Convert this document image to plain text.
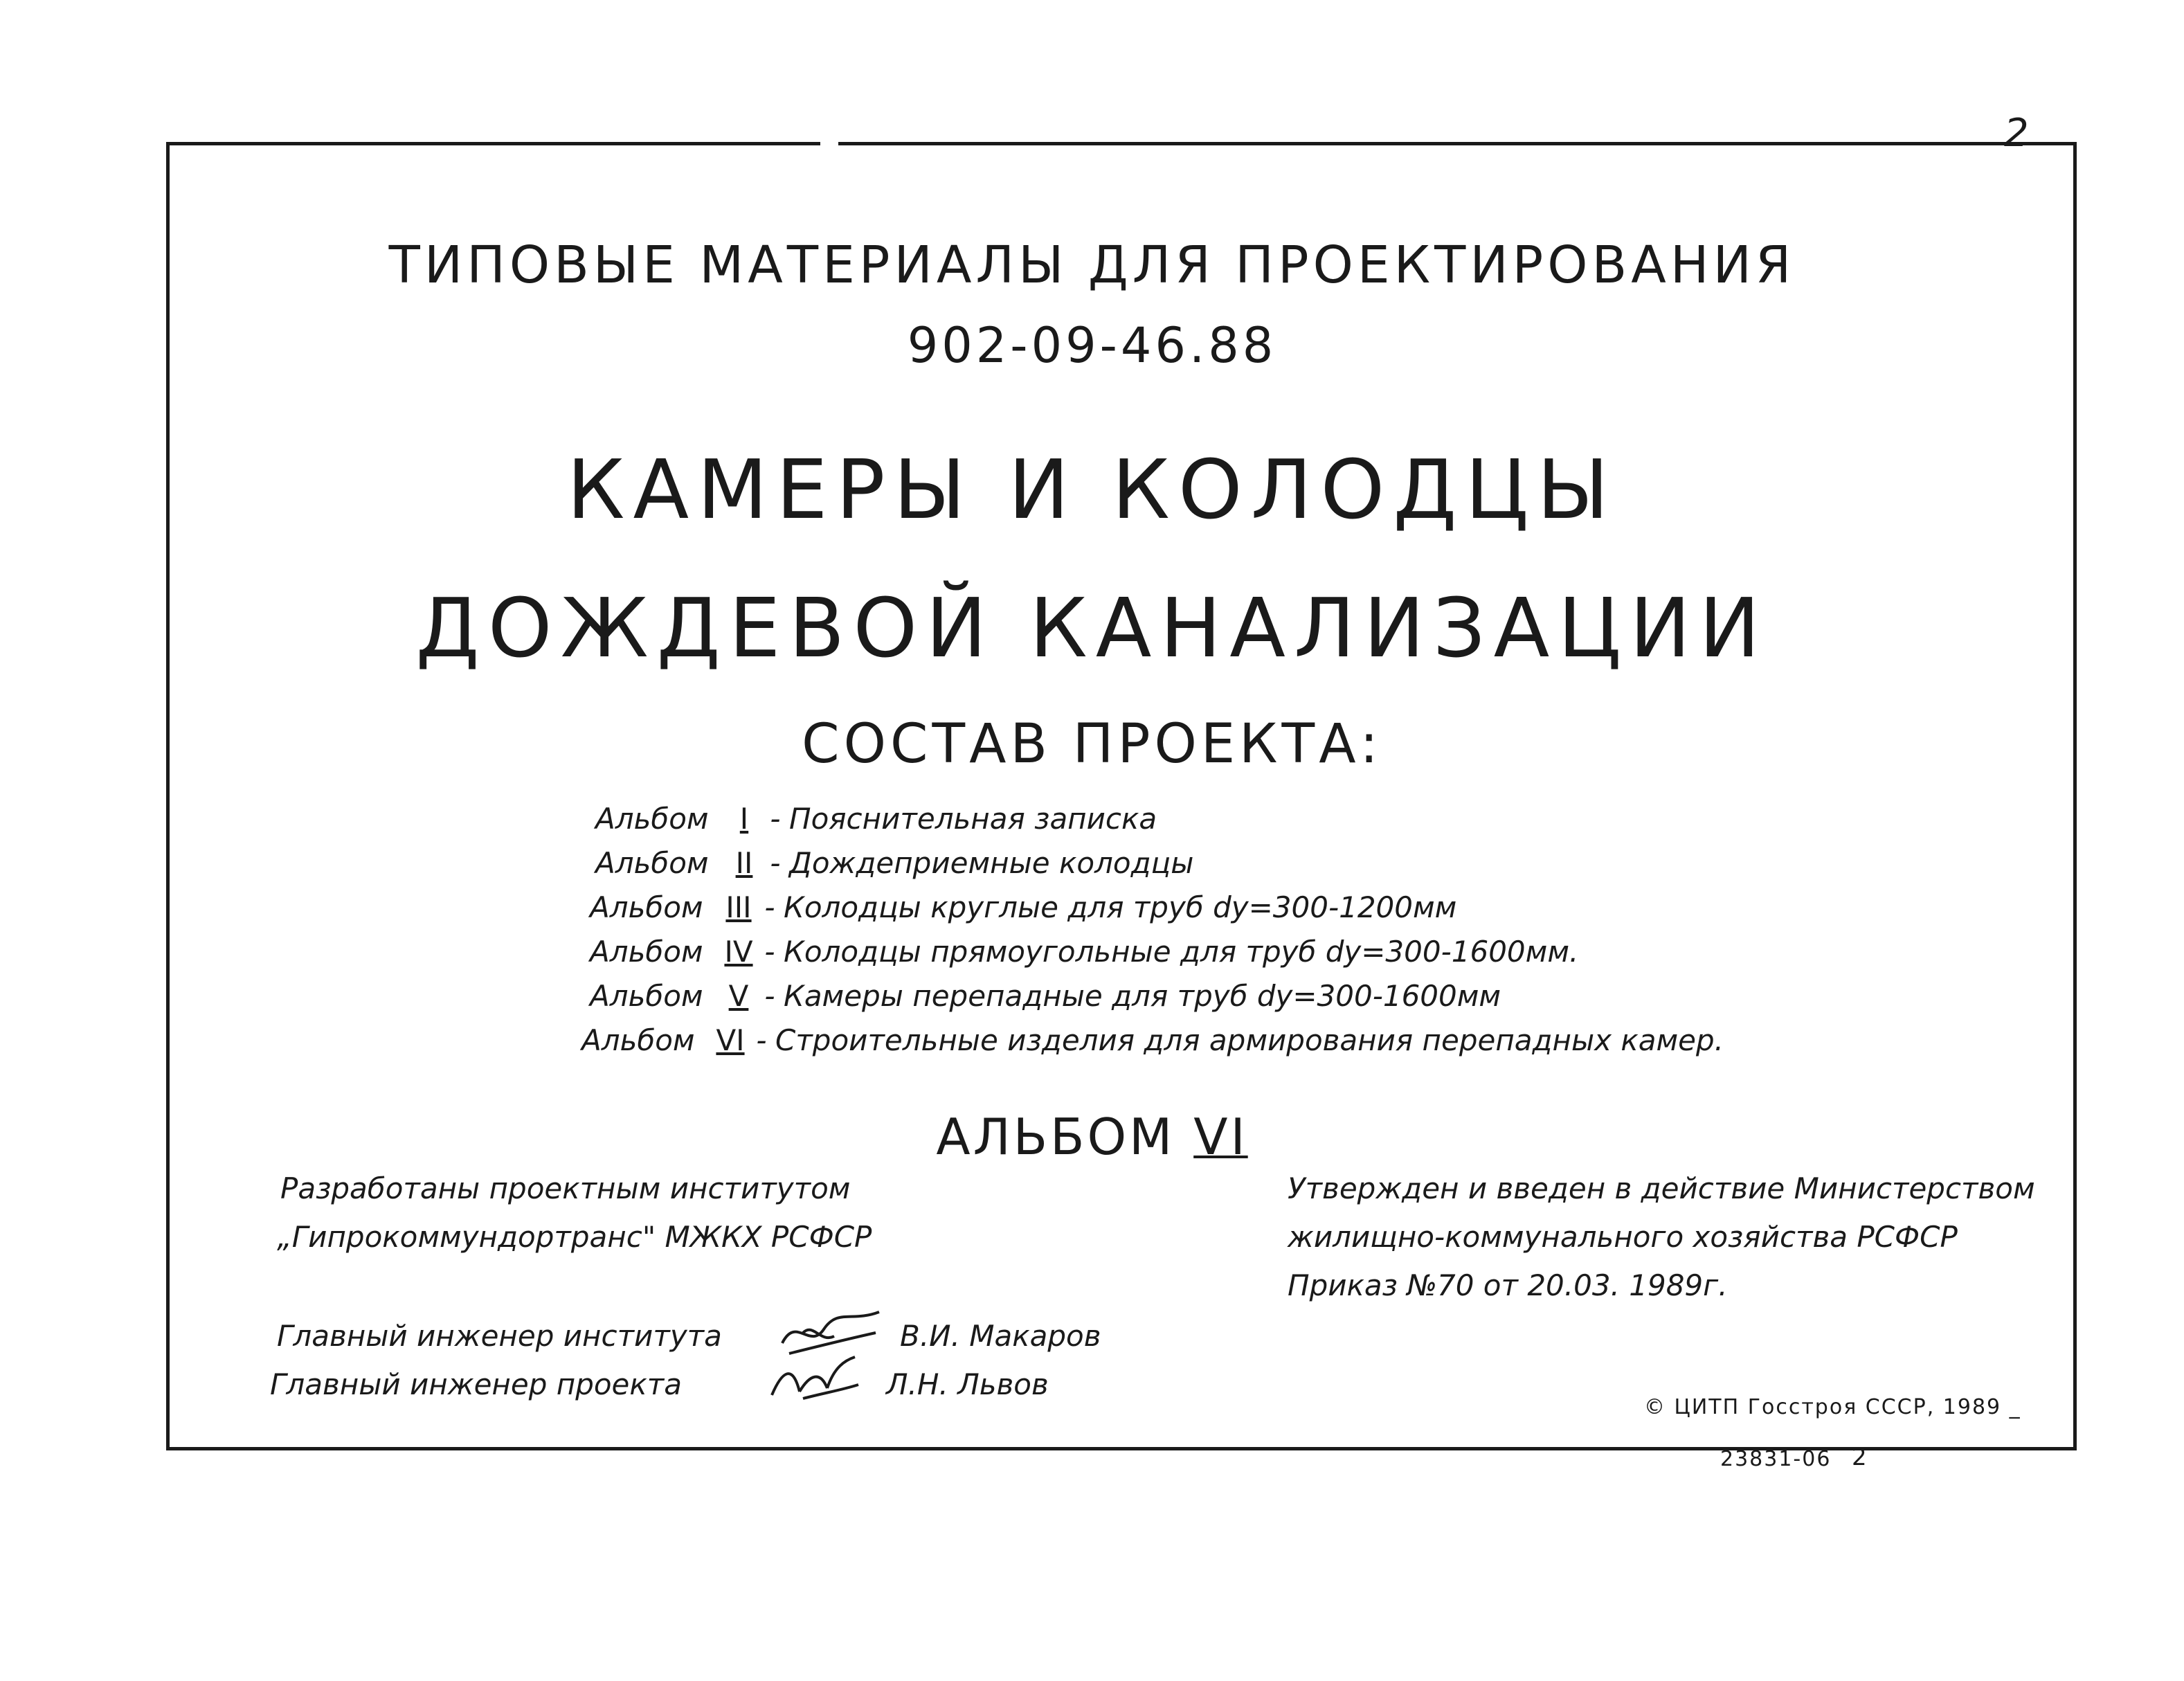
2
ТИПОВЫЕ МАТЕРИАЛЫ ДЛЯ ПРОЕКТИРОВАНИЯ
902-09-46.88
КАМЕРЫ И КОЛОДЦЫ
ДОЖДЕВОЙ КАНАЛИЗАЦИИ
СОСТАВ ПРОЕКТА:
Альбом I - Пояснительная записка
Альбом II - Дождеприемные колодцы
Альбом III - Колодцы круглые для труб dу=300-1200мм
Альбом IV - Колодцы прямоугольные для труб dу=300-1600мм.
Альбом V - Камеры перепадные для труб dу=300-1600мм
Альбом VI - Строительные изделия для армирования перепадных камер.
АЛЬБОМ VI
Разработаны проектным институтом
„Гипрокоммундортранс" МЖКХ РСФСР
Утвержден и введен в действие Министерством
жилищно-коммунального хозяйства РСФСР
Приказ №70 от 20.03. 1989г.
Главный инженер института	В.И. Макаров
Главный инженер проекта	Л.Н. Львов
© ЦИТП Госстроя СССР, 1989 _
23831-06 2
